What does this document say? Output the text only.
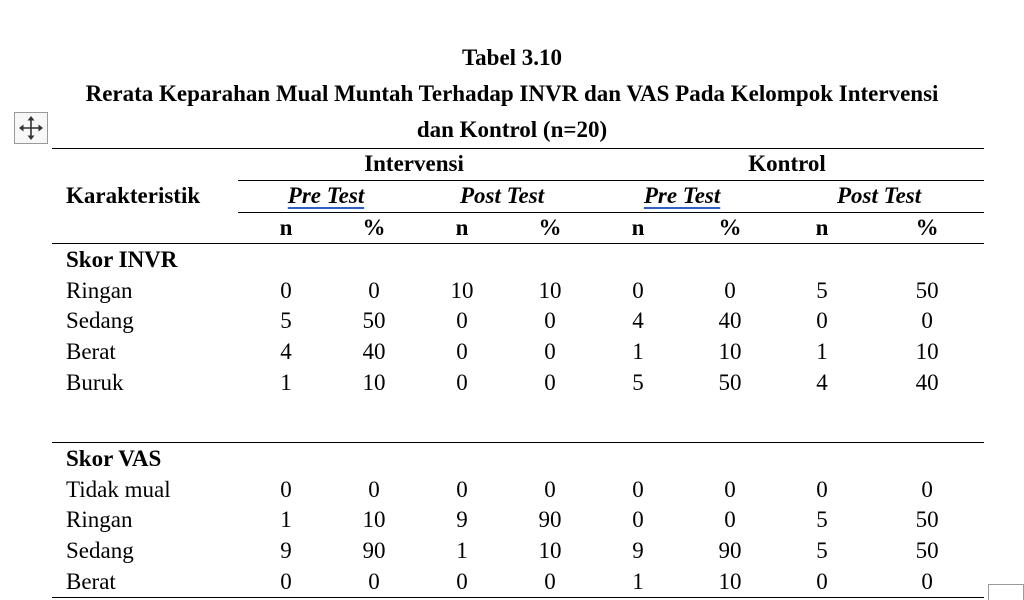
Tabel 3.10
Rerata Keparahan Mual Muntah Terhadap INVR dan VAS Pada Kelompok Intervensi
dan Kontrol (n=20)
Karakteristik	Intervensi				Kontrol			
	Pre Test		Post Test		Pre Test		Post Test	
	n	%	n	%	n	%	n	%
Skor INVR								
Ringan	0	0	10	10	0	0	5	50
Sedang	5	50	0	0	4	40	0	0
Berat	4	40	0	0	1	10	1	10
Buruk	1	10	0	0	5	50	4	40

Skor VAS								
Tidak mual	0	0	0	0	0	0	0	0
Ringan	1	10	9	90	0	0	5	50
Sedang	9	90	1	10	9	90	5	50
Berat	0	0	0	0	1	10	0	0
